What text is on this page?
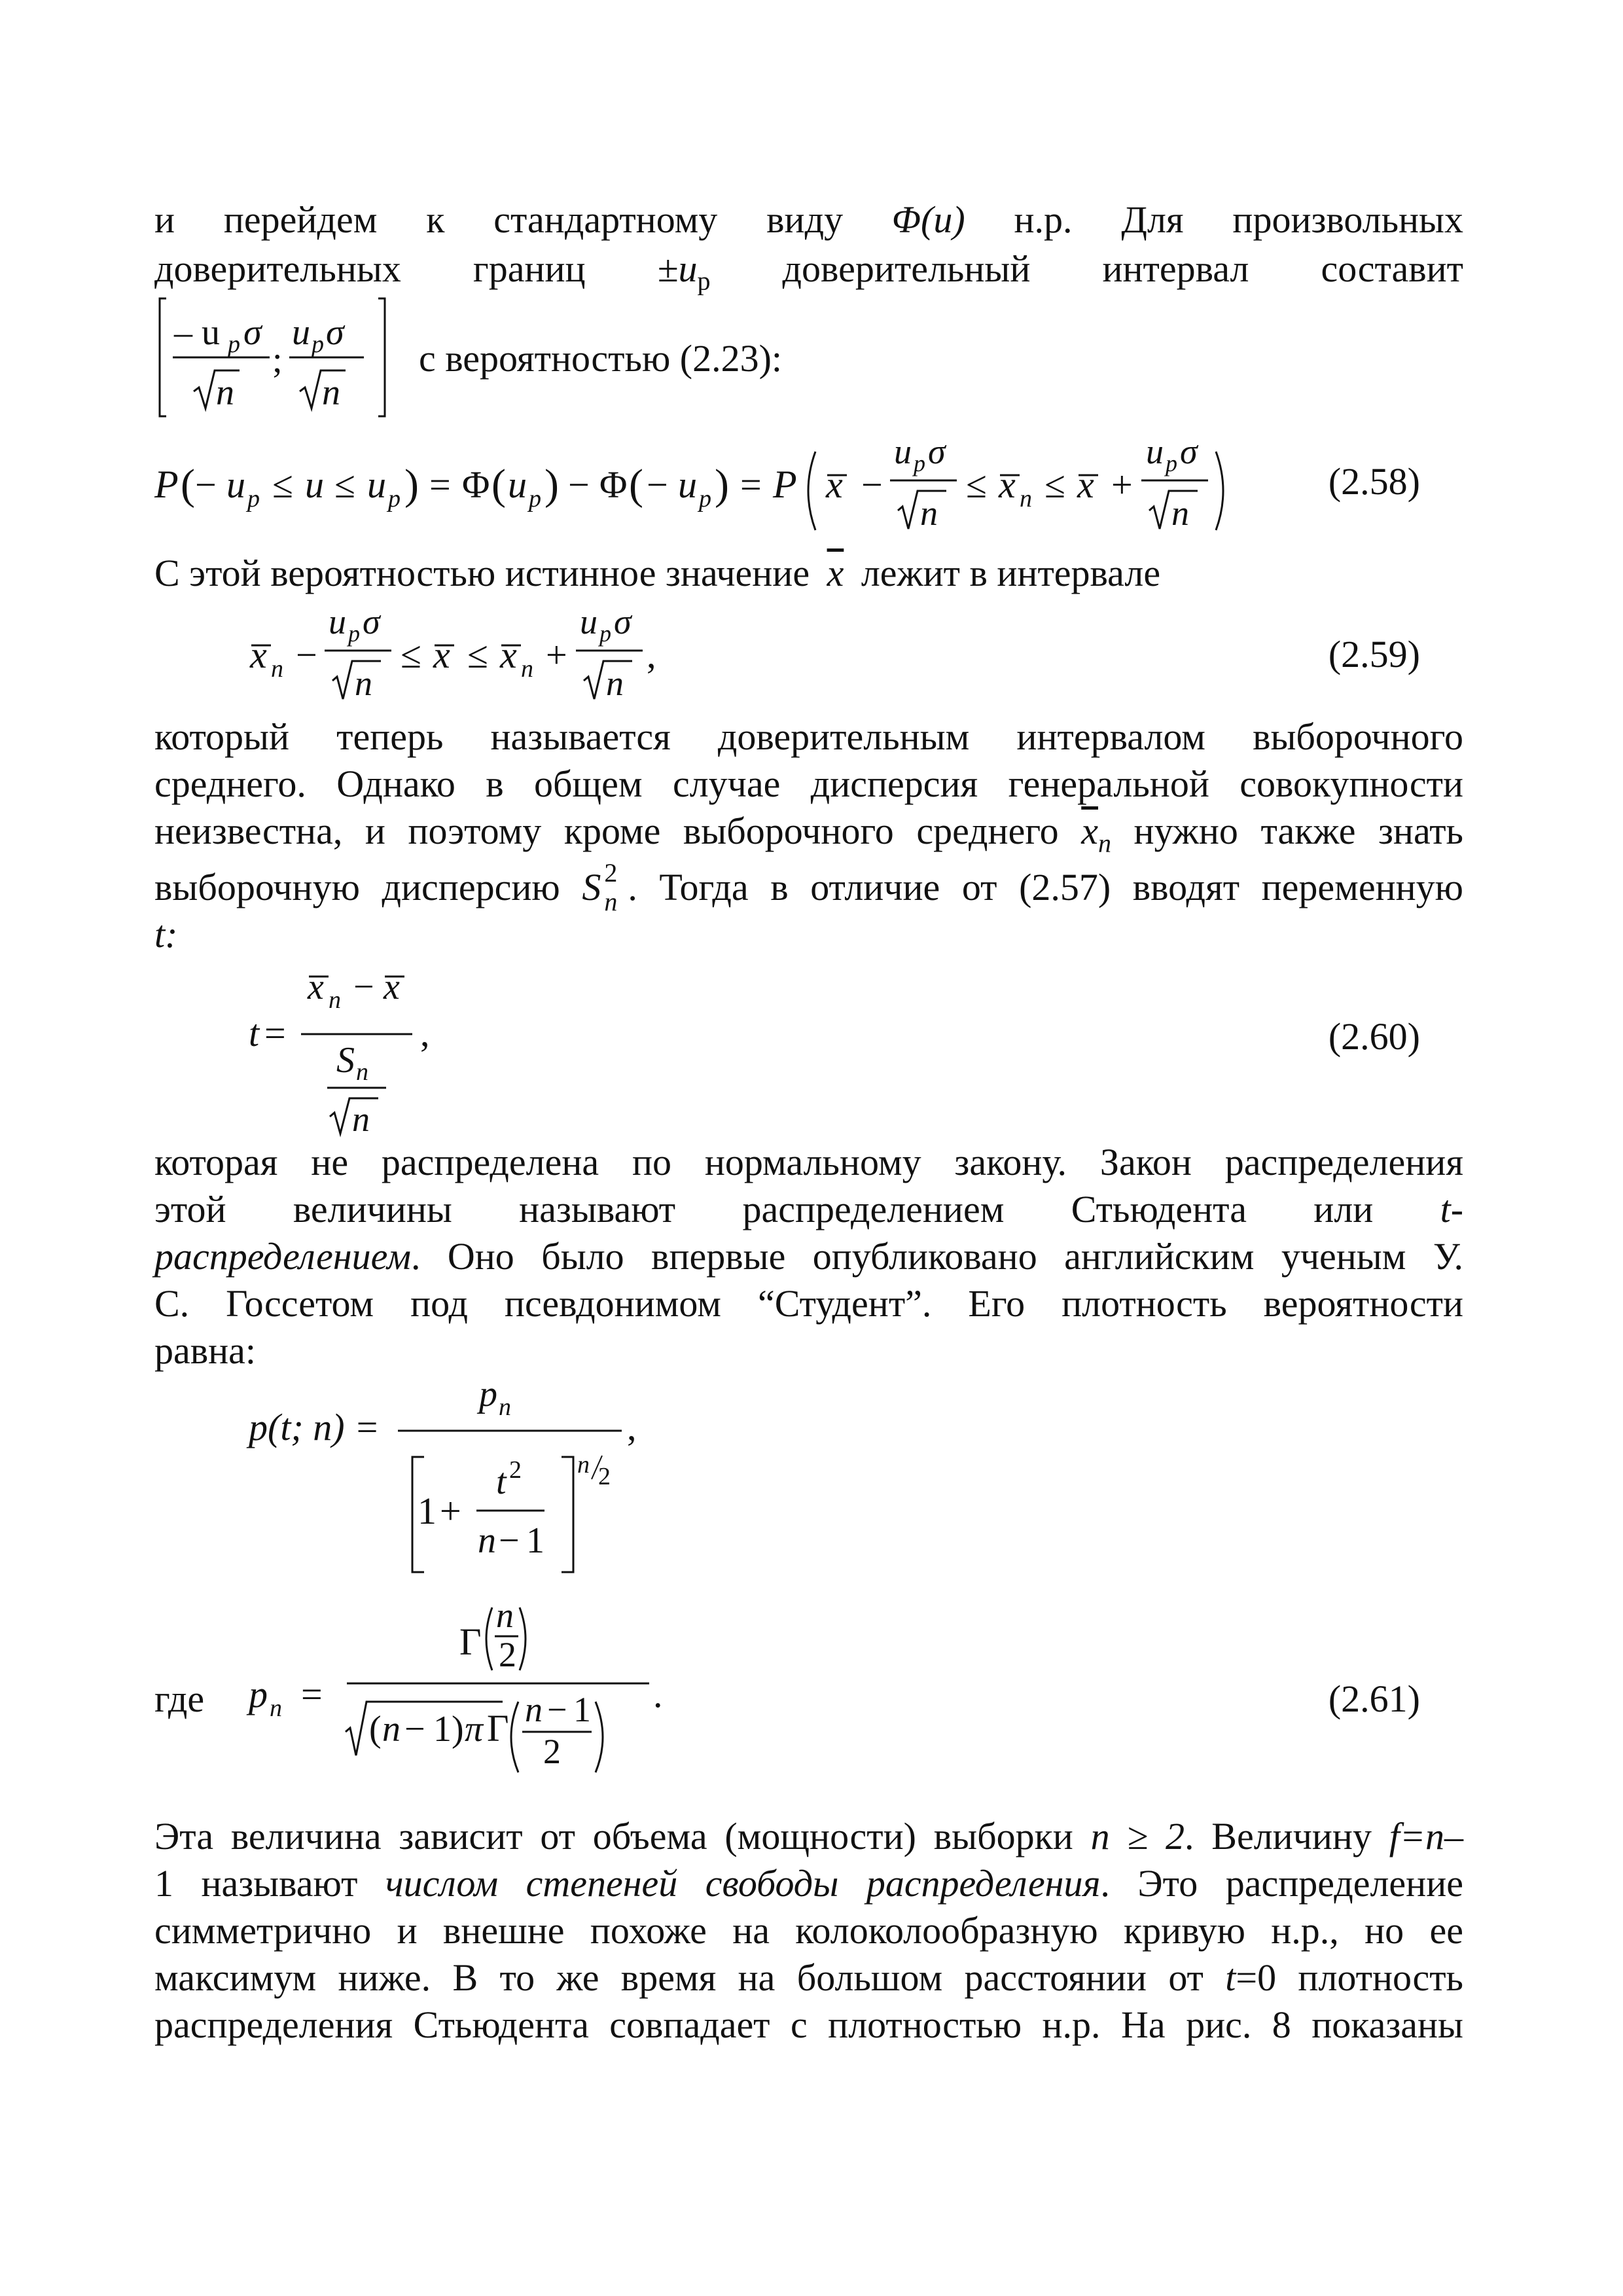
и перейдем к стандартному виду Φ(u) н.р. Для произвольных
доверительных границ $\pm u_p$ доверительный интервал составит
– u p σ
n
;
u p σ
n
с вероятностью (2.23):
P ( − u p ≤ u ≤ u p ) = Φ ( u p ) − Φ ( − u p ) = P x −
u p σ
n
≤ x n ≤ x +
u p σ
n
(2.58)
С этой вероятностью истинное значение $\overline{x}$ лежит в интервале
x n −
u p σ
n
≤ x ≤ x n +
u p σ
n
,	(2.59)
который теперь называется доверительным интервалом выборочного
среднего. Однако в общем случае дисперсия генеральной совокупности
неизвестна, и поэтому кроме выборочного среднего $\overline{x}_n$ нужно также знать
выборочную дисперсию S 2
n . Тогда в отличие от (2.57) вводят переменную
t:
t =
x n − x
S n
n
,	(2.60)
которая не распределена по нормальному закону. Закон распределения
этой величины называют распределением Стьюдента или t-
распределением. Оно было впервые опубликовано английским ученым У.
С. Госсетом под псевдонимом “Студент”. Его плотность вероятности
равна:
p(t; n) =
p n
1 +
t 2
n − 1
n 2
,
где	p n =
Γ
n
2
( n − 1) π Γ n − 1
2
.	(2.61)
Эта величина зависит от объема (мощности) выборки n ≥ 2. Величину f=n–
1 называют числом степеней свободы распределения. Это распределение
симметрично и внешне похоже на колоколообразную кривую н.р., но ее
максимум ниже. В то же время на большом расстоянии от t=0 плотность
распределения Стьюдента совпадает с плотностью н.р. На рис. 8 показаны
